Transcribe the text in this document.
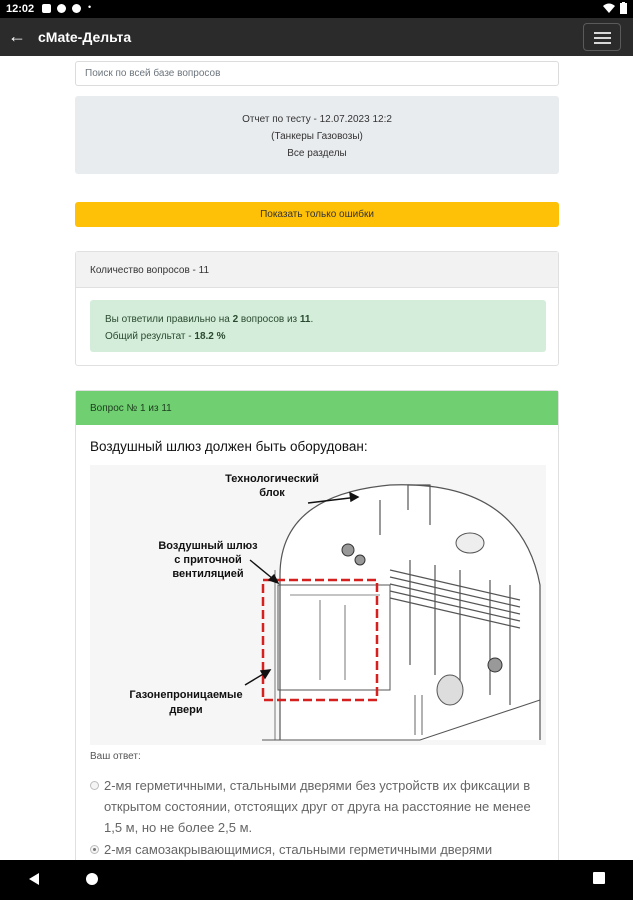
12:02	•
← cMate-Дельта
Поиск по всей базе вопросов
Отчет по тесту - 12.07.2023 12:2
(Танкеры Газовозы)
Все разделы
Показать только ошибки
Количество вопросов - 11
Вы ответили правильно на 2 вопросов из 11.
Общий результат - 18.2 %
Вопрос № 1 из 11
Воздушный шлюз должен быть оборудован:
Технологический
блок
Воздушный шлюз
с приточной
вентиляцией
Газонепроницаемые
двери
Ваш ответ:
2-мя герметичными, стальными дверями без устройств их фиксации в открытом состоянии, отстоящих друг от друга на расстояние не менее 1,5 м, но не более 2,5 м.
2-мя самозакрывающимися, стальными герметичными дверями
